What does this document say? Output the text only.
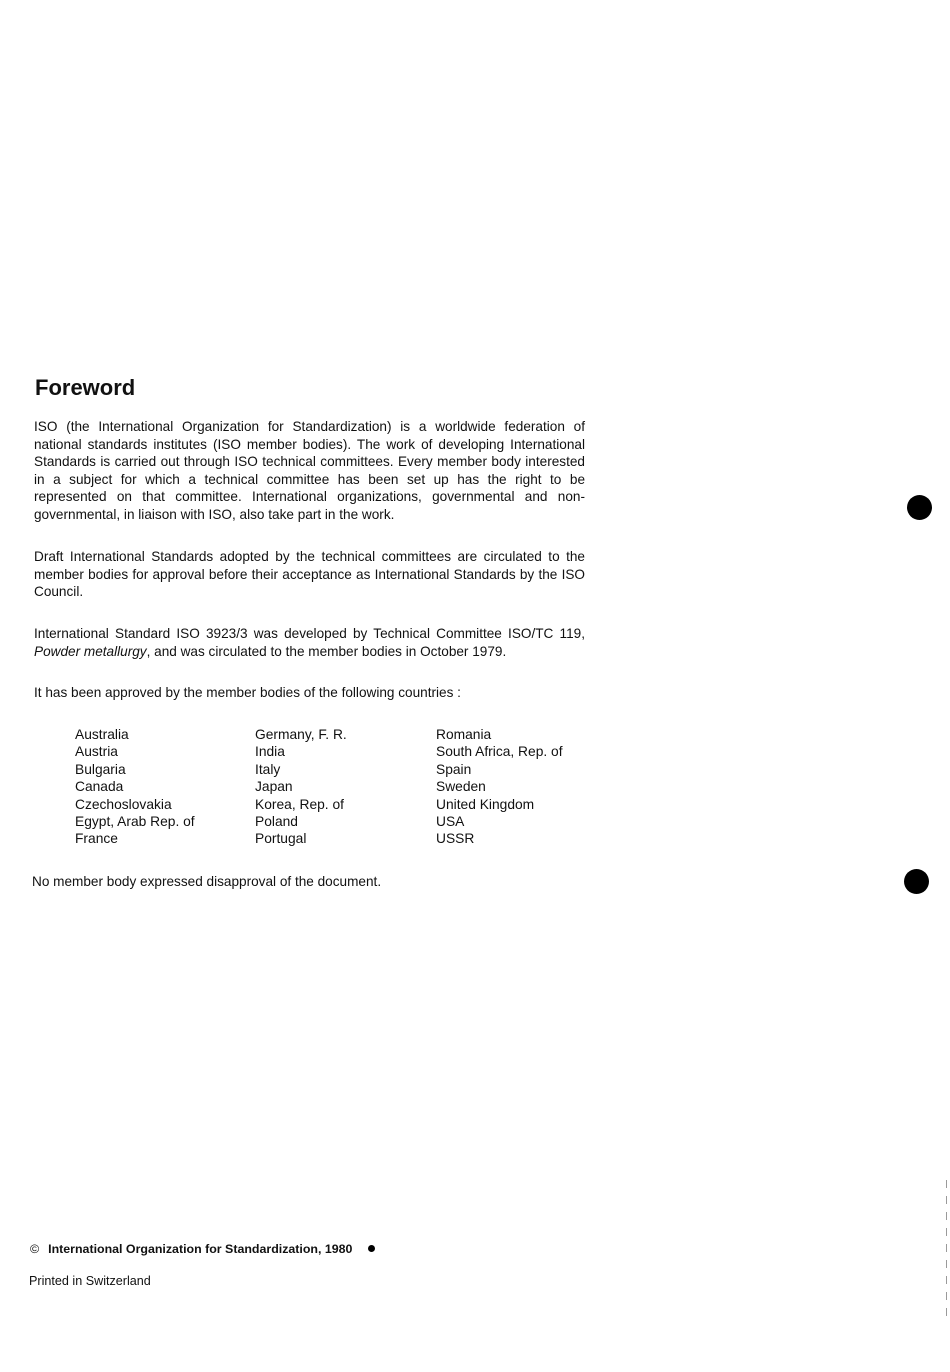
Foreword

ISO (the International Organization for Standardization) is a worldwide federation of national standards institutes (ISO member bodies). The work of developing International Standards is carried out through ISO technical committees. Every member body interested in a subject for which a technical committee has been set up has the right to be represented on that committee. International organizations, governmental and non-governmental, in liaison with ISO, also take part in the work.

Draft International Standards adopted by the technical committees are circulated to the member bodies for approval before their acceptance as International Standards by the ISO Council.

International Standard ISO 3923/3 was developed by Technical Committee ISO/TC 119, Powder metallurgy, and was circulated to the member bodies in October 1979.

It has been approved by the member bodies of the following countries :

Australia
Austria
Bulgaria
Canada
Czechoslovakia
Egypt, Arab Rep. of
France
Germany, F. R.
India
Italy
Japan
Korea, Rep. of
Poland
Portugal
Romania
South Africa, Rep. of
Spain
Sweden
United Kingdom
USA
USSR

No member body expressed disapproval of the document.

© International Organization for Standardization, 1980
Printed in Switzerland
